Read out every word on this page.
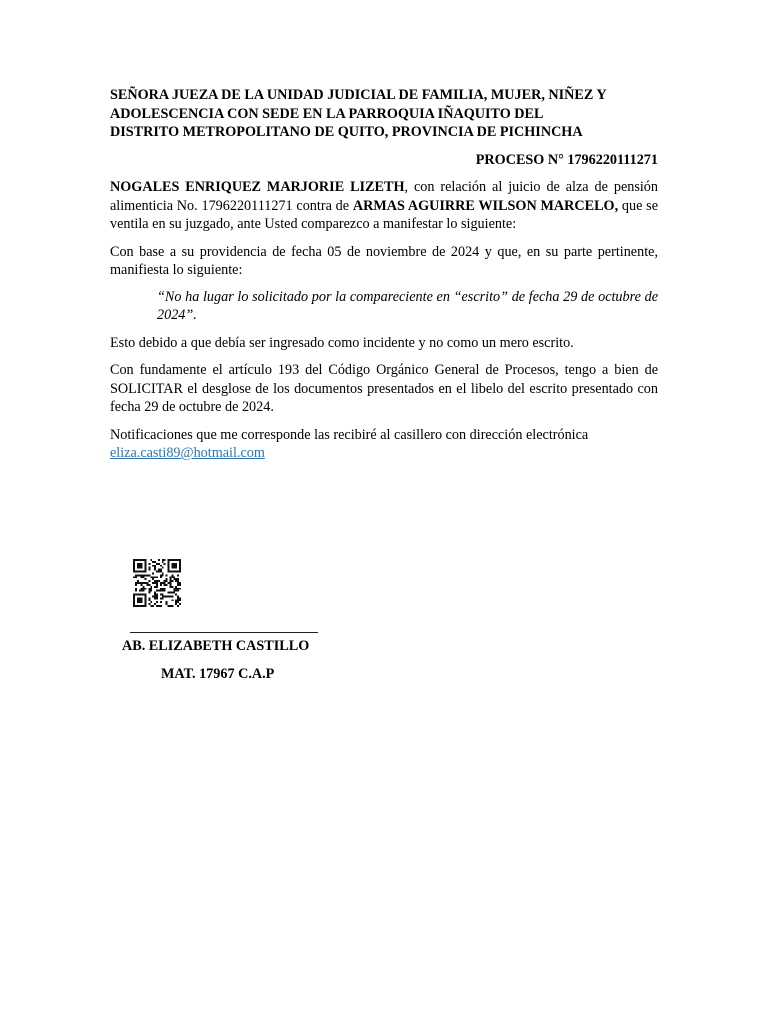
SEÑORA JUEZA DE LA UNIDAD JUDICIAL DE FAMILIA, MUJER, NIÑEZ Y
ADOLESCENCIA CON SEDE EN LA PARROQUIA IÑAQUITO DEL
DISTRITO METROPOLITANO DE QUITO, PROVINCIA DE PICHINCHA

PROCESO N° 1796220111271

NOGALES ENRIQUEZ MARJORIE LIZETH, con relación al juicio de alza de pensión alimenticia No. 1796220111271 contra de ARMAS AGUIRRE WILSON MARCELO, que se ventila en su juzgado, ante Usted comparezco a manifestar lo siguiente:

Con base a su providencia de fecha 05 de noviembre de 2024 y que, en su parte pertinente, manifiesta lo siguiente:

“No ha lugar lo solicitado por la compareciente en “escrito” de fecha 29 de octubre de 2024”.

Esto debido a que debía ser ingresado como incidente y no como un mero escrito.

Con fundamente el artículo 193 del Código Orgánico General de Procesos, tengo a bien de SOLICITAR el desglose de los documentos presentados en el libelo del escrito presentado con fecha 29 de octubre de 2024.

Notificaciones que me corresponde las recibiré al casillero con dirección electrónica
eliza.casti89@hotmail.com

AB. ELIZABETH CASTILLO
MAT. 17967 C.A.P
